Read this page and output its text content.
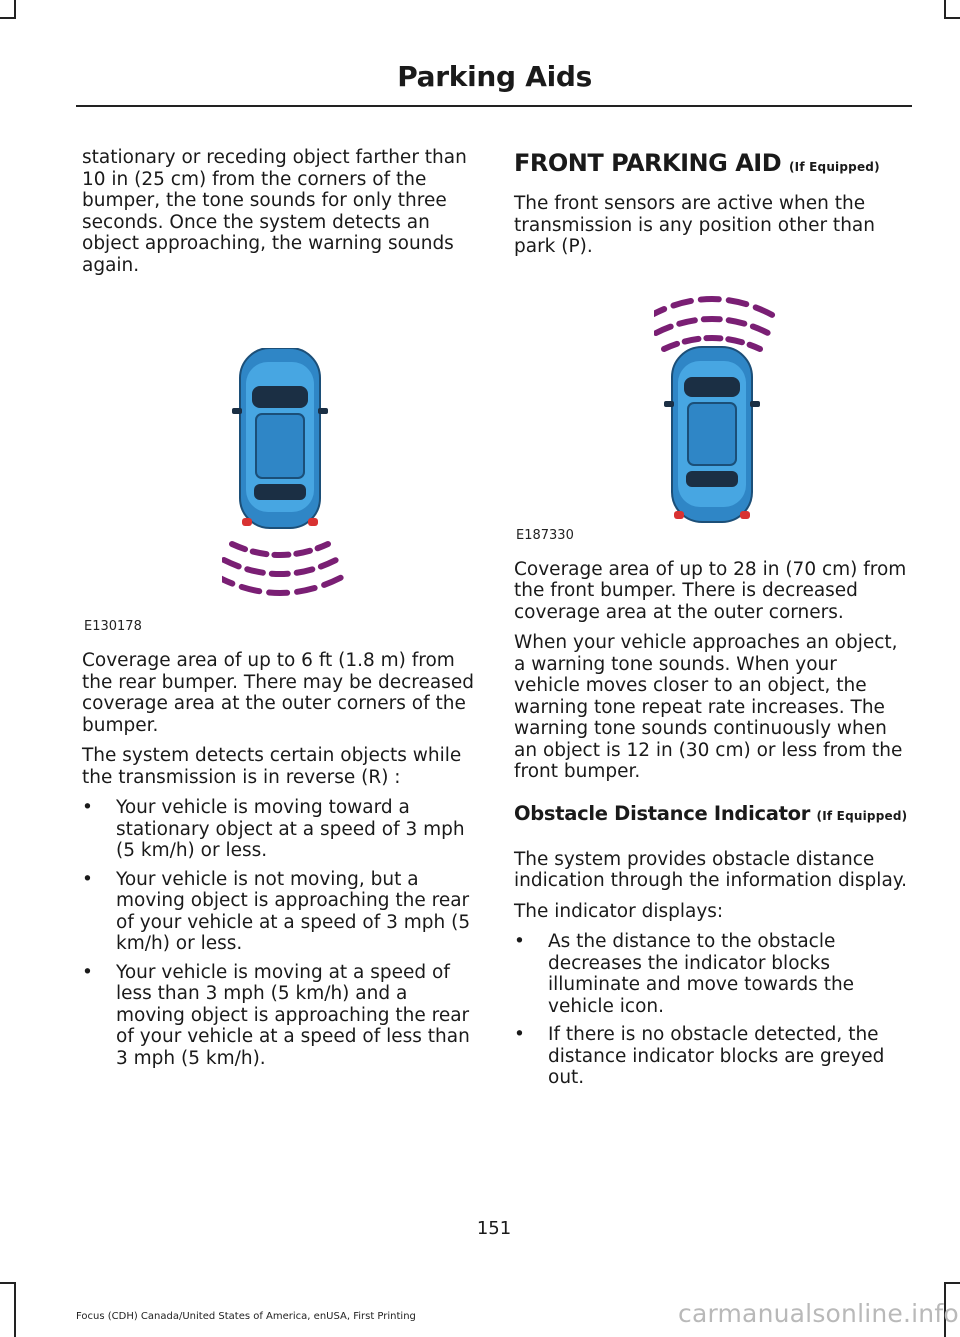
Parking Aids

stationary or receding object farther than 10 in (25 cm) from the corners of the bumper, the tone sounds for only three seconds. Once the system detects an object approaching, the warning sounds again.

E130178

Coverage area of up to 6 ft (1.8 m) from the rear bumper. There may be decreased coverage area at the outer corners of the bumper.

The system detects certain objects while the transmission is in reverse (R) :

• Your vehicle is moving toward a stationary object at a speed of 3 mph (5 km/h) or less.
• Your vehicle is not moving, but a moving object is approaching the rear of your vehicle at a speed of 3 mph (5 km/h) or less.
• Your vehicle is moving at a speed of less than 3 mph (5 km/h) and a moving object is approaching the rear of your vehicle at a speed of less than 3 mph (5 km/h).
FRONT PARKING AID (If Equipped)

The front sensors are active when the transmission is any position other than park (P).

E187330

Coverage area of up to 28 in (70 cm) from the front bumper. There is decreased coverage area at the outer corners.

When your vehicle approaches an object, a warning tone sounds. When your vehicle moves closer to an object, the warning tone repeat rate increases. The warning tone sounds continuously when an object is 12 in (30 cm) or less from the front bumper.

Obstacle Distance Indicator (If Equipped)

The system provides obstacle distance indication through the information display.

The indicator displays:

• As the distance to the obstacle decreases the indicator blocks illuminate and move towards the vehicle icon.
• If there is no obstacle detected, the distance indicator blocks are greyed out.
151
Focus (CDH) Canada/United States of America, enUSA, First Printing	carmanualsonline.info
